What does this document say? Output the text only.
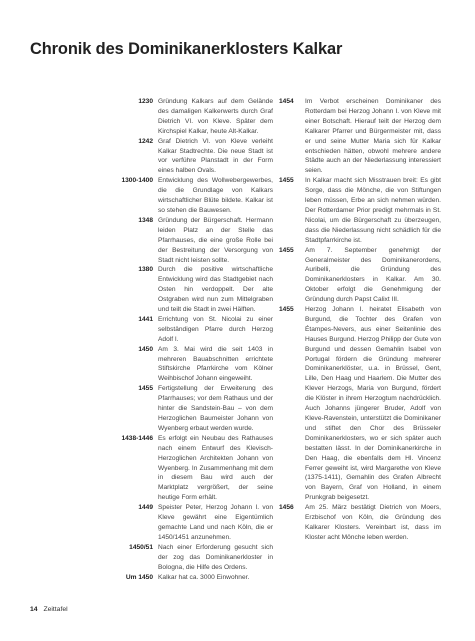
Chronik des Dominikanerklosters Kalkar
1230 Gründung Kalkars auf dem Gelände des damaligen Kalkerwerts durch Graf Dietrich VI. von Kleve. Später dem Kirchspiel Kalkar, heute Alt-Kalkar.
1242 Graf Dietrich VI. von Kleve verleiht Kalkar Stadtrechte. Die neue Stadt ist vor verführe Planstadt in der Form eines halben Ovals.
1300-1400 Entwicklung des Wollwebergewerbes, die die Grundlage von Kalkars wirtschaftlicher Blüte bildete. Kalkar ist so stehen die Bauwesen.
1348 Gründung der Bürgerschaft. Hermann leiden Platz an der Stelle das Pfarrhauses, die eine große Rolle bei der Bestreitung der Versorgung von Stadt nicht leisten sollte.
1380 Durch die positive wirtschaftliche Entwicklung wird das Stadtgebiet nach Osten hin verdoppelt. Der alte Ostgraben wird nun zum Mittelgraben und teilt die Stadt in zwei Hälften.
1441 Errichtung von St. Nicolai zu einer selbständigen Pfarre durch Herzog Adolf I.
1450 Am 3. Mai wird die seit 1403 in mehreren Bauabschnitten errichtete Stiftskirche Pfarrkirche vom Kölner Weihbischof Johann eingeweiht.
1455 Fertigstellung der Erweiterung des Pfarrhauses; vor dem Rathaus und der hinter die Sandstein-Bau – von dem Herzoglichen Baumeister Johann von Wyenberg erbaut werden wurde.
1438-1446 Es erfolgt ein Neubau des Rathauses nach einem Entwurf des Klevisch-Herzoglichen Architekten Johann von Wyenberg. In Zusammenhang mit dem in diesem Bau wird auch der Marktplatz vergrößert, der seine heutige Form erhält.
1449 Speister Peter, Herzog Johann I. von Kleve gewährt eine Eigentümlich gemachte Land und nach Köln, die er 1450/1451 anzunehmen.
1450/51 Nach einer Erforderung gesucht sich der zog das Dominikanerkloster in Bologna, die Hilfe des Ordens.
Um 1450 Kalkar hat ca. 3000 Einwohner.
1454	Im Verbot erscheinen Dominikaner des Rotterdam bei Herzog Johann I. von Kleve mit einer Botschaft. Hierauf teilt der Herzog dem Kalkarer Pfarrer und Bürgermeister mit, dass er und seine Mutter Maria sich für Kalkar entschieden hätten, obwohl mehrere andere Städte auch an der Niederlassung interessiert seien.
1455	In Kalkar macht sich Misstrauen breit: Es gibt Sorge, dass die Mönche, die von Stiftungen leben müssen, Erbe an sich nehmen würden. Der Rotterdamer Prior predigt mehrmals in St. Nicolai, um die Bürgerschaft zu überzeugen, dass die Niederlassung nicht schädlich für die Stadtpfarrkirche ist.
1455	Am 7. September genehmigt der Generalmeister des Dominikanerordens, Auribelli, die Gründung des Dominikanerklosters in Kalkar. Am 30. Oktober erfolgt die Genehmigung der Gründung durch Papst Calixt III.
1455	Herzog Johann I. heiratet Elisabeth von Burgund, die Tochter des Grafen von Étampes-Nevers, aus einer Seitenlinie des Hauses Burgund. Herzog Philipp der Gute von Burgund und dessen Gemahlin Isabel von Portugal fördern die Gründung mehrerer Dominikanerklöster, u.a. in Brüssel, Gent, Lille, Den Haag und Haarlem. Die Mutter des Klever Herzogs, Maria von Burgund, fördert die Klöster in ihrem Herzogtum nachdrücklich. Auch Johanns jüngerer Bruder, Adolf von Kleve-Ravenstein, unterstützt die Dominikaner und stiftet den Chor des Brüsseler Dominikanerklosters, wo er sich später auch bestatten lässt. In der Dominikanerkirche in Den Haag, die ebenfalls dem Hl. Vincenz Ferrer geweiht ist, wird Margarethe von Kleve (1375-1411), Gemahlin des Grafen Albrecht von Bayern, Graf von Holland, in einem Prunkgrab beigesetzt.
1456	Am 25. März bestätigt Dietrich von Moers, Erzbischof von Köln, die Gründung des Kalkarer Klosters. Vereinbart ist, dass im Kloster acht Mönche leben werden.
14 Zeittafel
